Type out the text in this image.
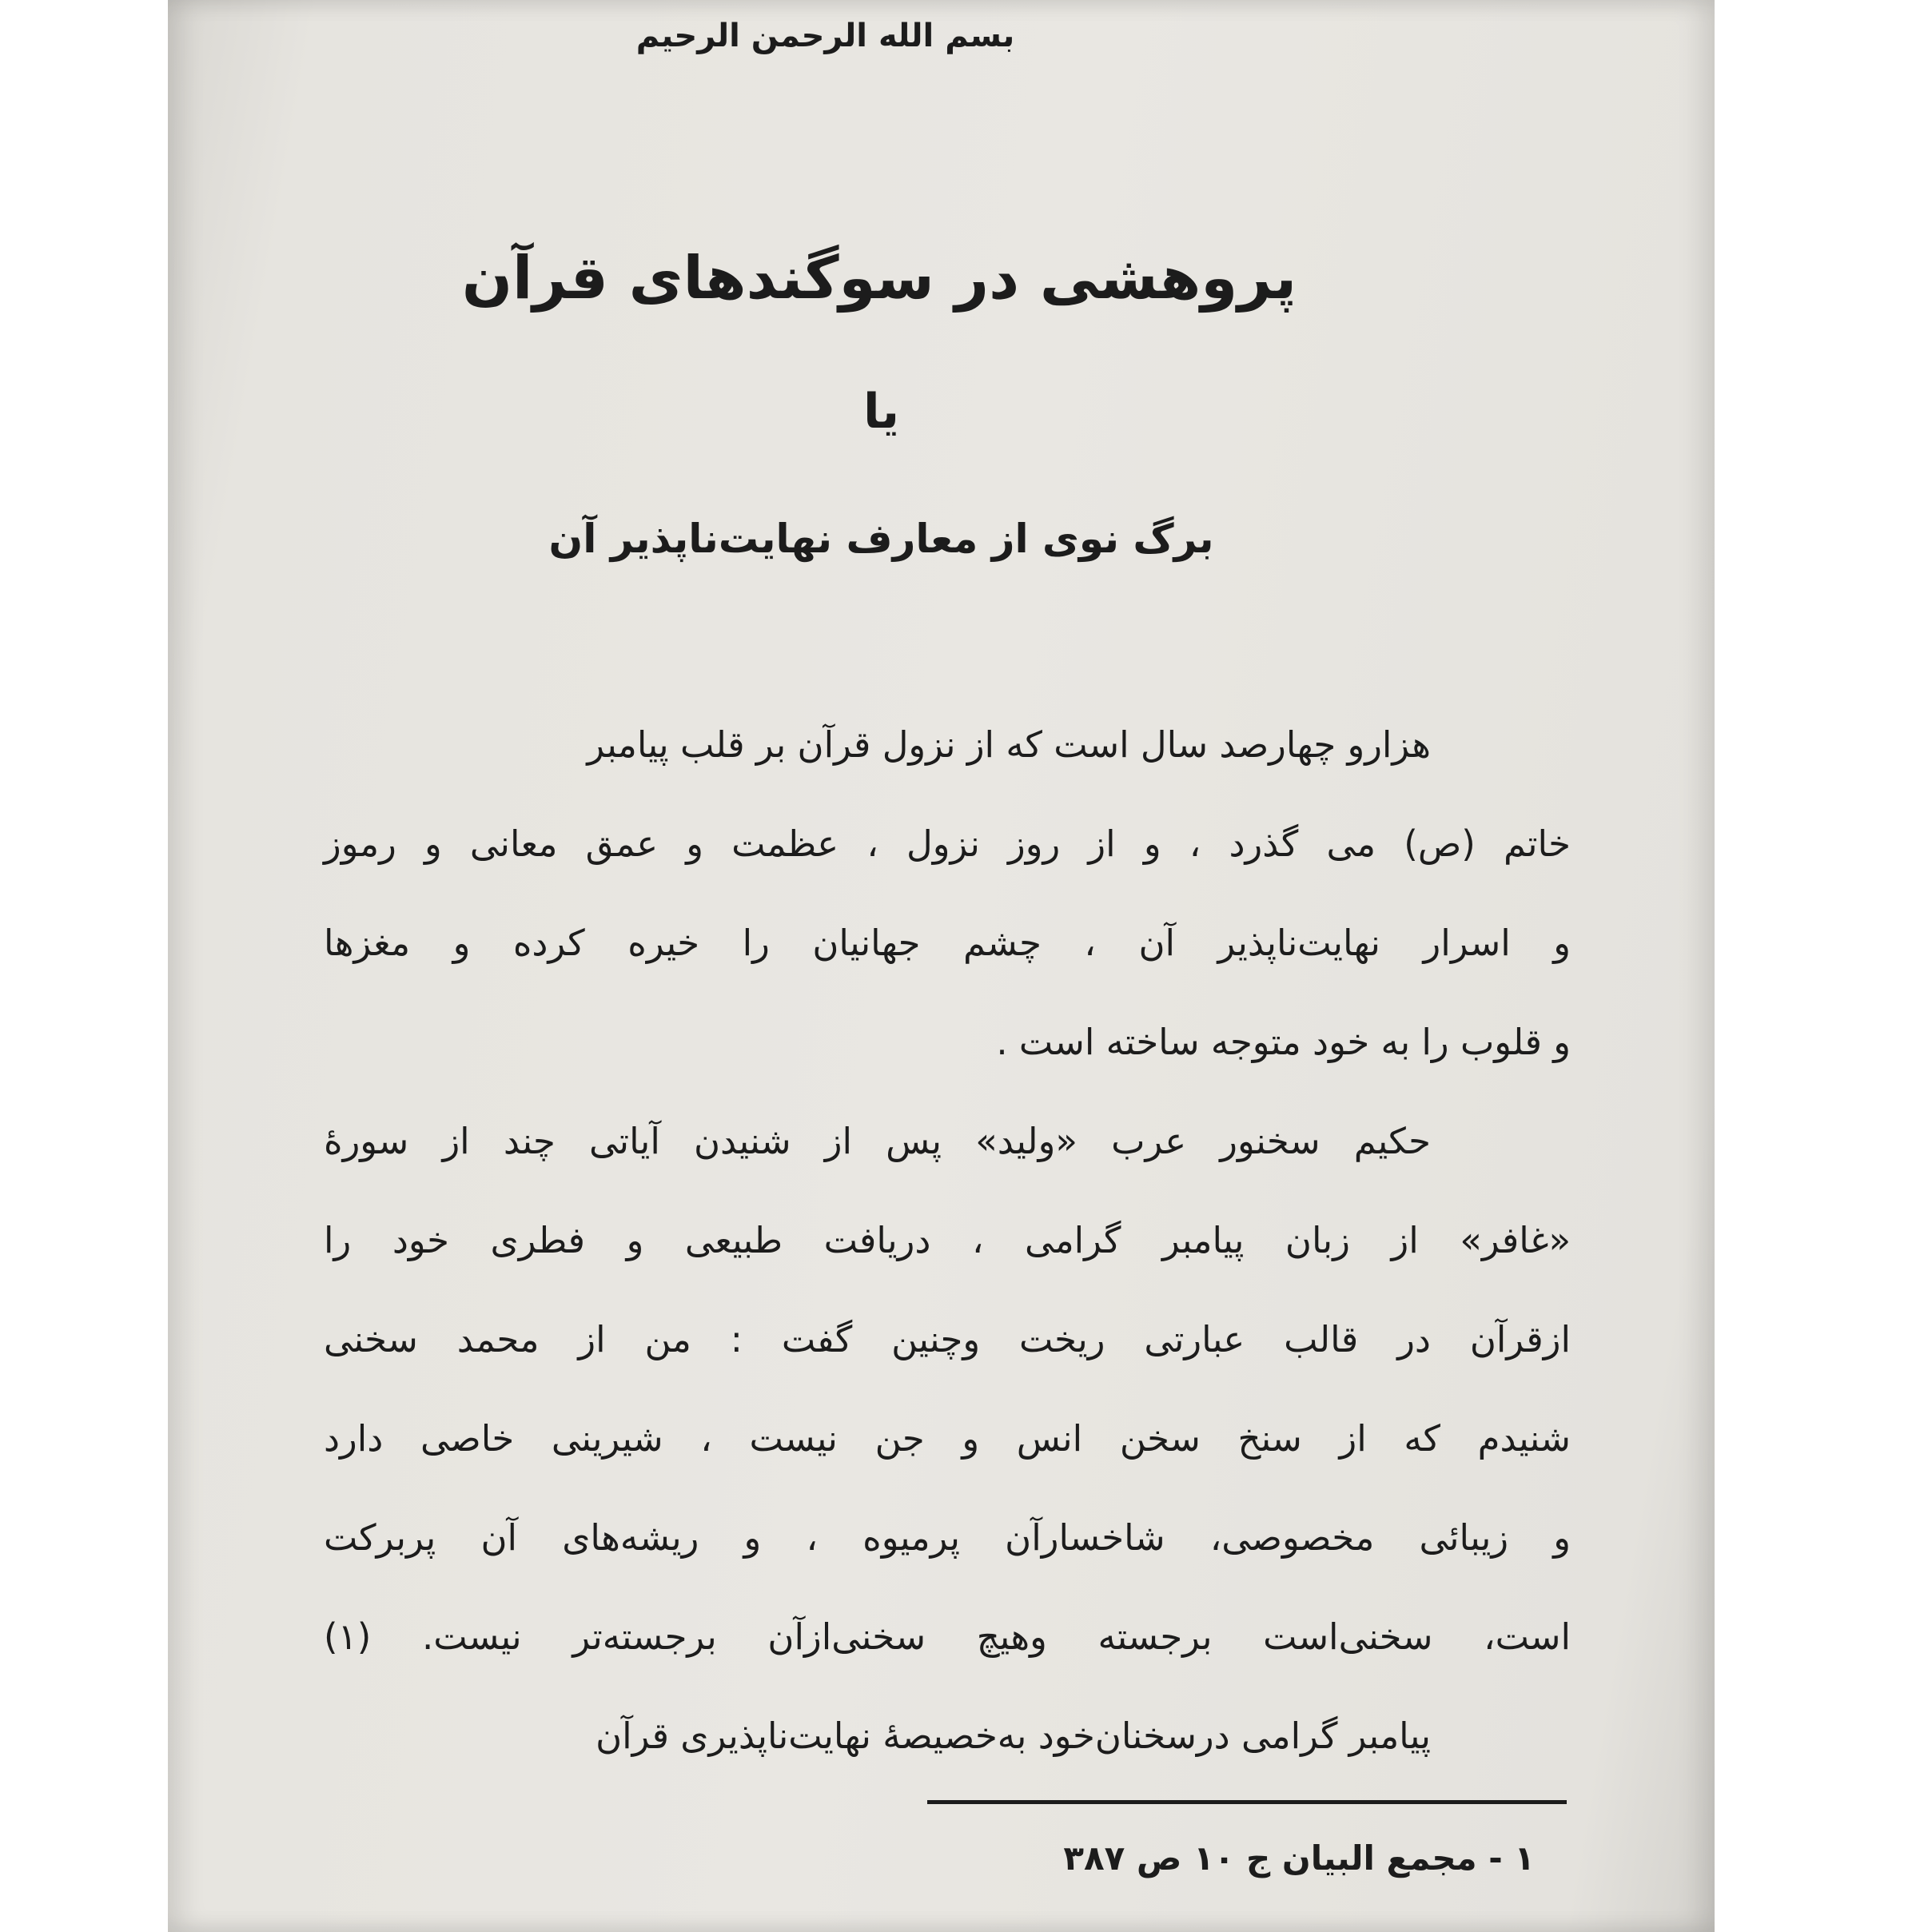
بسم الله الرحمن الرحيم
پروهشی در سوگندهای قرآن
یا
برگ نوی از معارف نهایت‌ناپذیر آن
هزارو چهارصد سال است که از نزول قرآن بر قلب پیامبر
خاتم (ص) می گذرد ، و از روز نزول ، عظمت و عمق معانی و رموز
و اسرار نهایت‌ناپذیر آن ، چشم جهانیان را خیره کرده و مغزها
و قلوب را به خود متوجه ساخته است .
حکیم سخنور عرب «ولید» پس از شنیدن آیاتی چند از سورهٔ
«غافر» از زبان پیامبر گرامی ، دریافت طبیعی و فطری خود را
ازقرآن در قالب عبارتی ریخت وچنین گفت : من از محمد سخنی
شنیدم که از سنخ سخن انس و جن نیست ، شیرینی خاصی دارد
و زیبائی مخصوصی، شاخسارآن پرمیوه ، و ریشه‌های آن پربرکت
است، سخنی‌است برجسته وهیچ سخنی‌ازآن برجسته‌تر نیست. (۱)
پیامبر گرامی درسخنان‌خود به‌خصیصهٔ نهایت‌ناپذیری قرآن
۱ - مجمع البیان ج ۱۰ ص ۳۸۷
